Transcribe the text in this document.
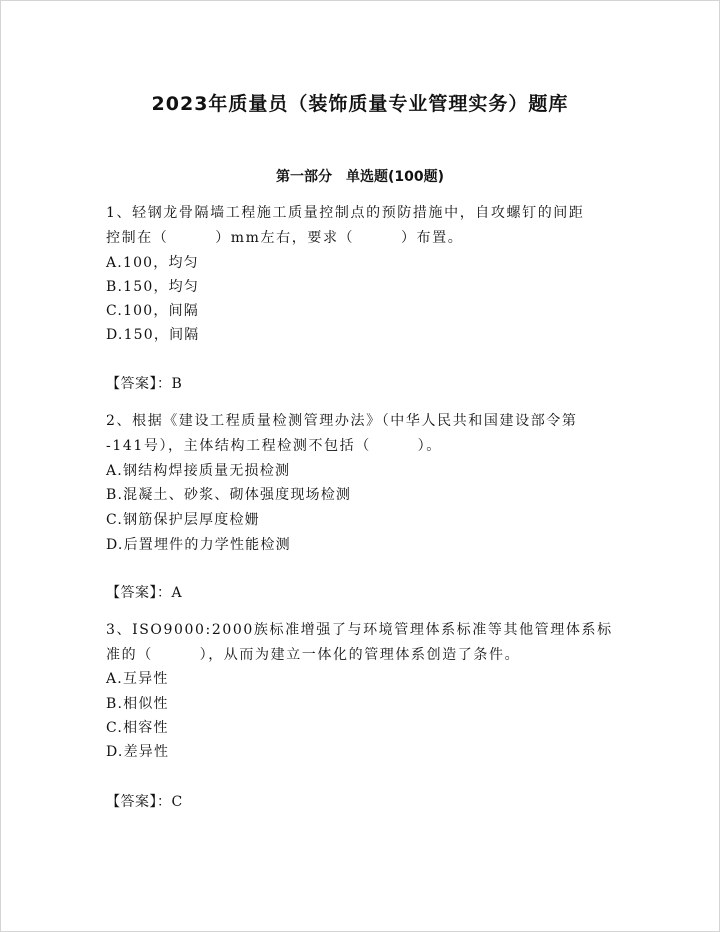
2023年质量员（装饰质量专业管理实务）题库
第一部分　单选题(100题)
1、轻钢龙骨隔墙工程施工质量控制点的预防措施中，自攻螺钉的间距
控制在（　　　）mm左右，要求（　　　）布置。
A.100，均匀
B.150，均匀
C.100，间隔
D.150，间隔
【答案】：B
2、根据《建设工程质量检测管理办法》（中华人民共和国建设部令第
-141号），主体结构工程检测不包括（　　　）。
A.钢结构焊接质量无损检测
B.混凝土、砂浆、砌体强度现场检测
C.钢筋保护层厚度检姗
D.后置埋件的力学性能检测
【答案】：A
3、ISO9000:2000族标准增强了与环境管理体系标准等其他管理体系标
准的（　　　），从而为建立一体化的管理体系创造了条件。
A.互异性
B.相似性
C.相容性
D.差异性
【答案】：C
